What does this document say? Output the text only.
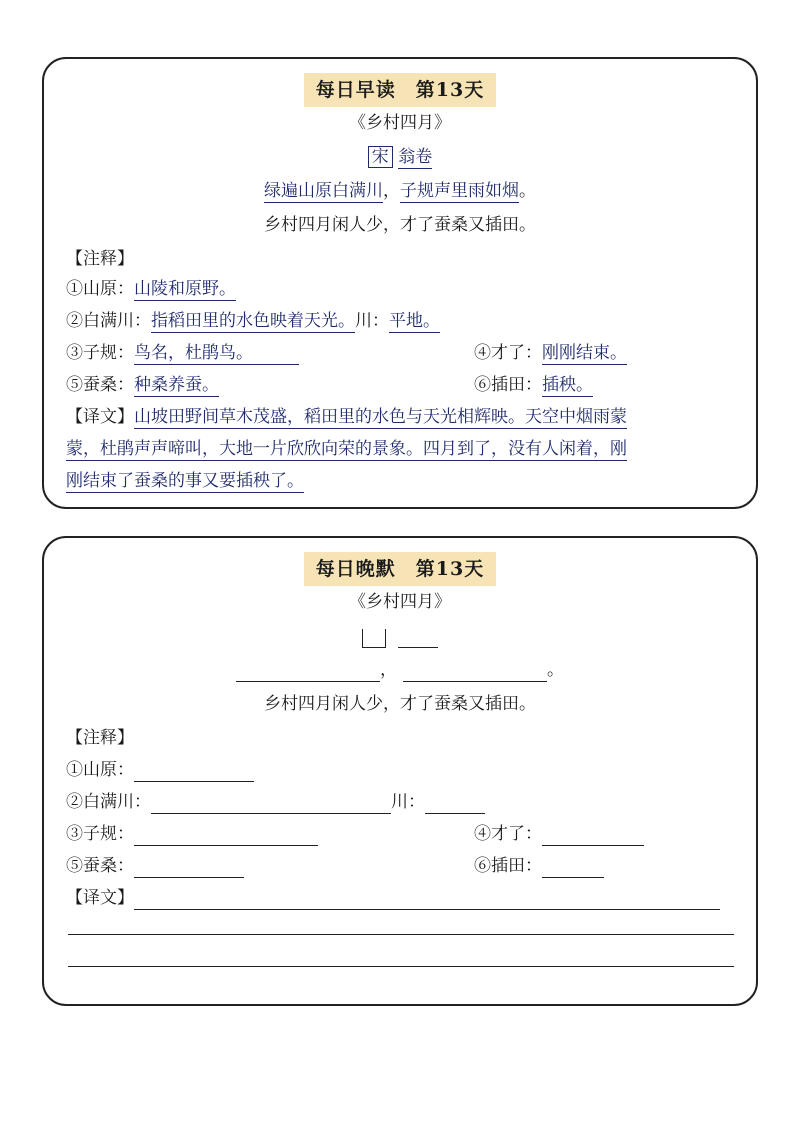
每日早读 第13天
《乡村四月》
宋 翁卷
绿遍山原白满川，子规声里雨如烟。
乡村四月闲人少，才了蚕桑又插田。
【注释】
①山原：山陵和原野。
②白满川：指稻田里的水色映着天光。川：平地。
③子规：鸟名，杜鹃鸟。	④才了：刚刚结束。
⑤蚕桑：种桑养蚕。	⑥插田：插秧。
【译文】山坡田野间草木茂盛，稻田里的水色与天光相辉映。天空中烟雨蒙
蒙，杜鹃声声啼叫，大地一片欣欣向荣的景象。四月到了，没有人闲着，刚
刚结束了蚕桑的事又要插秧了。
每日晚默 第13天
《乡村四月》

，	。
乡村四月闲人少，才了蚕桑又插田。
【注释】
①山原：
②白满川：	川：
③子规：	④才了：
⑤蚕桑：	⑥插田：
【译文】
